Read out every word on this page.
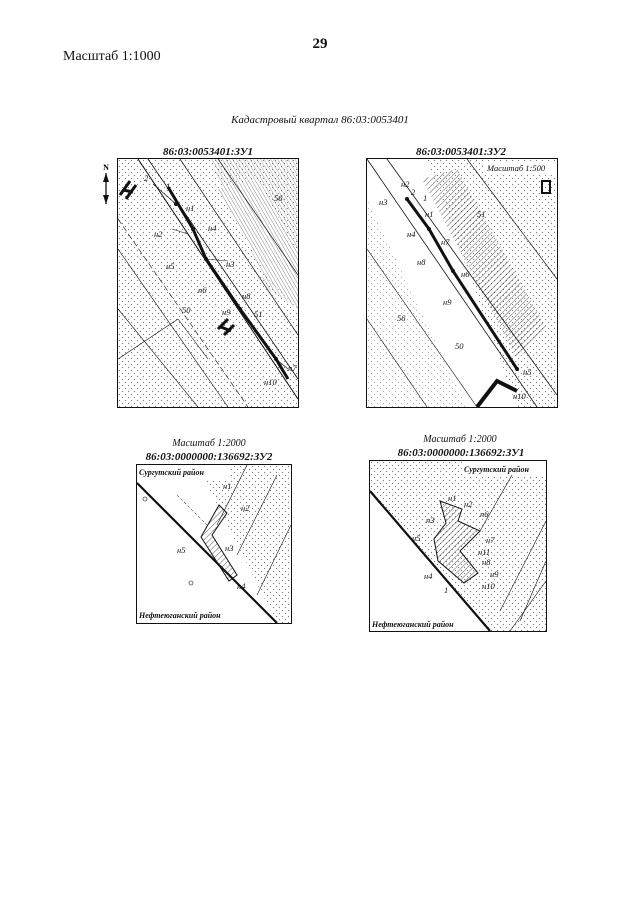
29
Масштаб 1:1000
Кадастровый квартал 86:03:0053401
N
86:03:0053401:ЗУ1
н1
н2
н3
н4
н5
н6
н7
н8
н9
н10
1
2
56
50	51
86:03:0053401:ЗУ2
Масштаб 1:500
н1
н2
н3
н4
н5
н6
н7
н8
н9
н10
1
2
51
56
50
Масштаб 1:2000
86:03:0000000:136692:ЗУ2
Сургутский район
Нефтеюганский район
н1
н2
н3
н4
н5
Масштаб 1:2000
86:03:0000000:136692:ЗУ1
Сургутский район
Нефтеюганский район
н1
н2
н3
н4
н5
н6
н7
н8
н9
н10
н11
1
